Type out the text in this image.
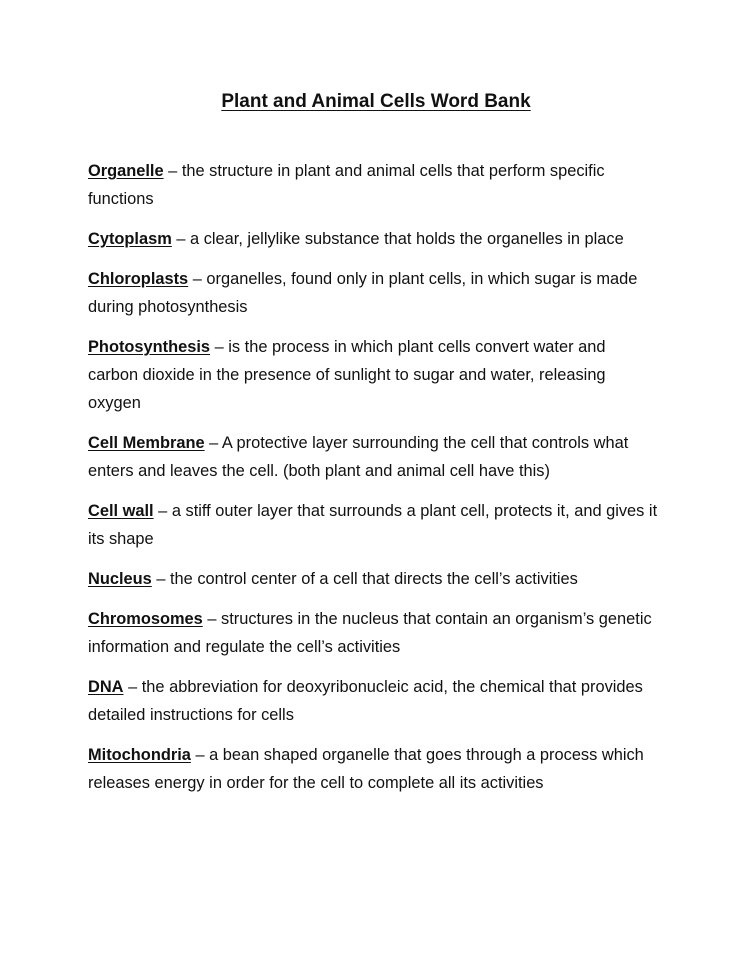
Plant and Animal Cells Word Bank
Organelle – the structure in plant and animal cells that perform specific functions
Cytoplasm – a clear, jellylike substance that holds the organelles in place
Chloroplasts – organelles, found only in plant cells, in which sugar is made during photosynthesis
Photosynthesis – is the process in which plant cells convert water and carbon dioxide in the presence of sunlight to sugar and water, releasing oxygen
Cell Membrane – A protective layer surrounding the cell that controls what enters and leaves the cell. (both plant and animal cell have this)
Cell wall – a stiff outer layer that surrounds a plant cell, protects it, and gives it its shape
Nucleus – the control center of a cell that directs the cell’s activities
Chromosomes – structures in the nucleus that contain an organism’s genetic information and regulate the cell’s activities
DNA – the abbreviation for deoxyribonucleic acid, the chemical that provides detailed instructions for cells
Mitochondria – a bean shaped organelle that goes through a process which releases energy in order for the cell to complete all its activities
